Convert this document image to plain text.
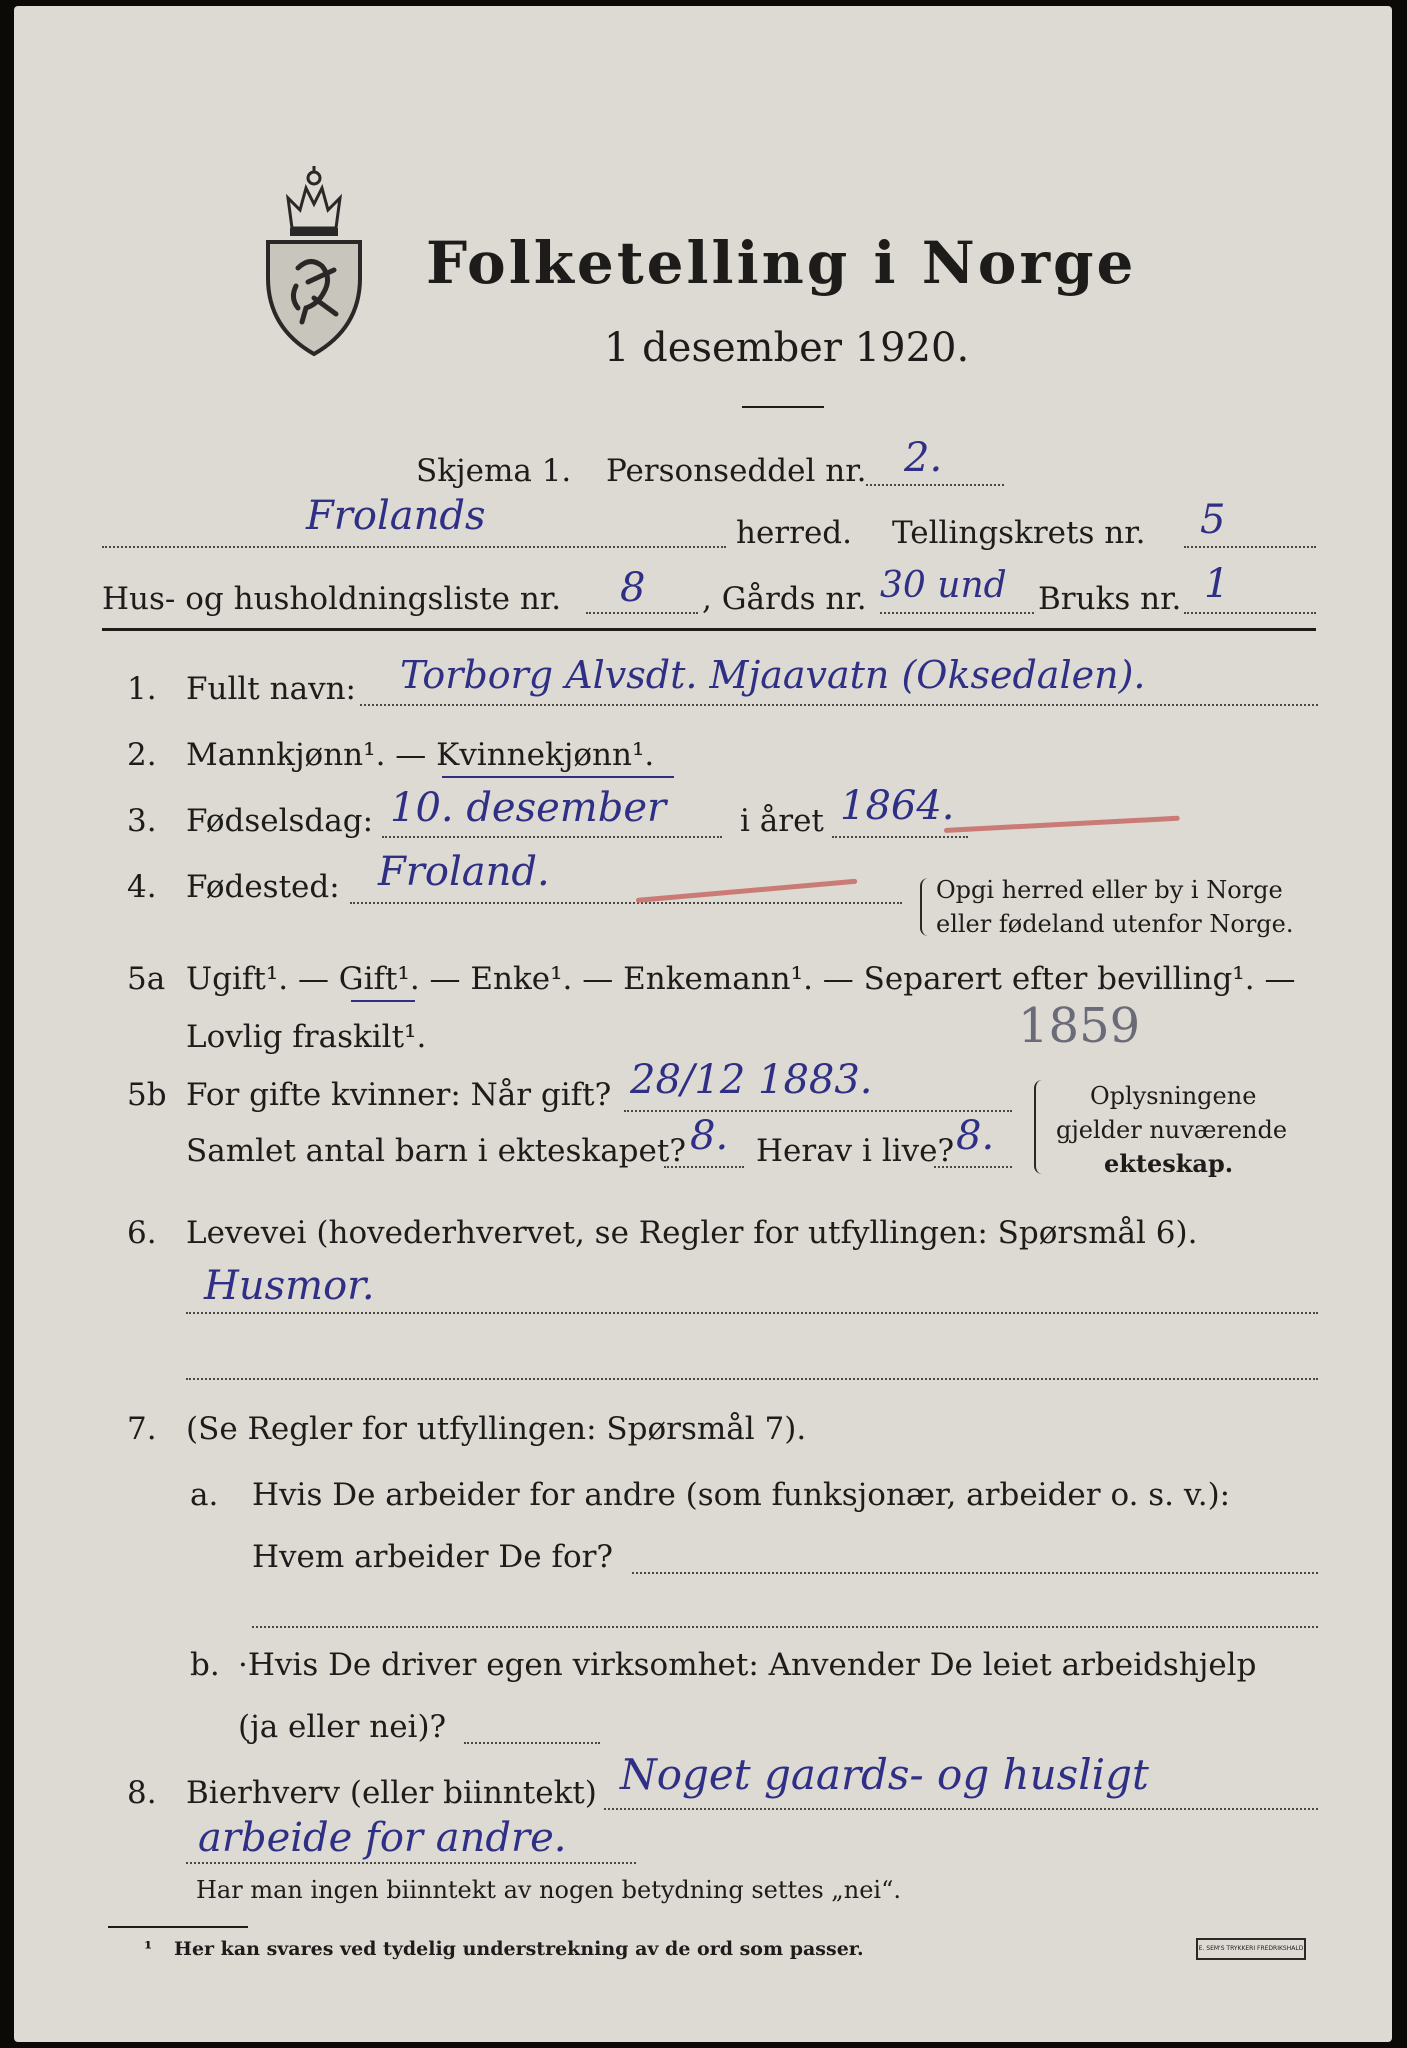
Folketelling i Norge
1 desember 1920.
Skjema 1. Personseddel nr. 2.
Frolands	herred. Tellingskrets nr. 5
Hus- og husholdningsliste nr. 8 , Gårds nr. 30 und Bruks nr. 1
1. Fullt navn: Torborg Alvsdt. Mjaavatn (Oksedalen).
2. Mannkjønn¹. — Kvinnekjønn¹.
3. Fødselsdag: 10. desember i året 1864.
4. Fødested: Froland.	Opgi herred eller by i Norge
eller fødeland utenfor Norge.
5a Ugift¹. — Gift¹. — Enke¹. — Enkemann¹. — Separert efter bevilling¹. —
Lovlig fraskilt¹.	1859
5b For gifte kvinner: Når gift? 28/12 1883.
Samlet antal barn i ekteskapet? 8. Herav i live? 8.
Oplysningene
gjelder nuværende
ekteskap.
6. Levevei (hovederhvervet, se Regler for utfyllingen: Spørsmål 6).
Husmor.
7. (Se Regler for utfyllingen: Spørsmål 7).
a. Hvis De arbeider for andre (som funksjonær, arbeider o. s. v.):
Hvem arbeider De for?
b. ·Hvis De driver egen virksomhet: Anvender De leiet arbeidshjelp
(ja eller nei)?
8. Bierhverv (eller biinntekt) Noget gaards- og husligt
arbeide for andre.
Har man ingen biinntekt av nogen betydning settes „nei“.
¹ Her kan svares ved tydelig understrekning av de ord som passer.	E. SEM'S TRYKKERI FREDRIKSHALD
